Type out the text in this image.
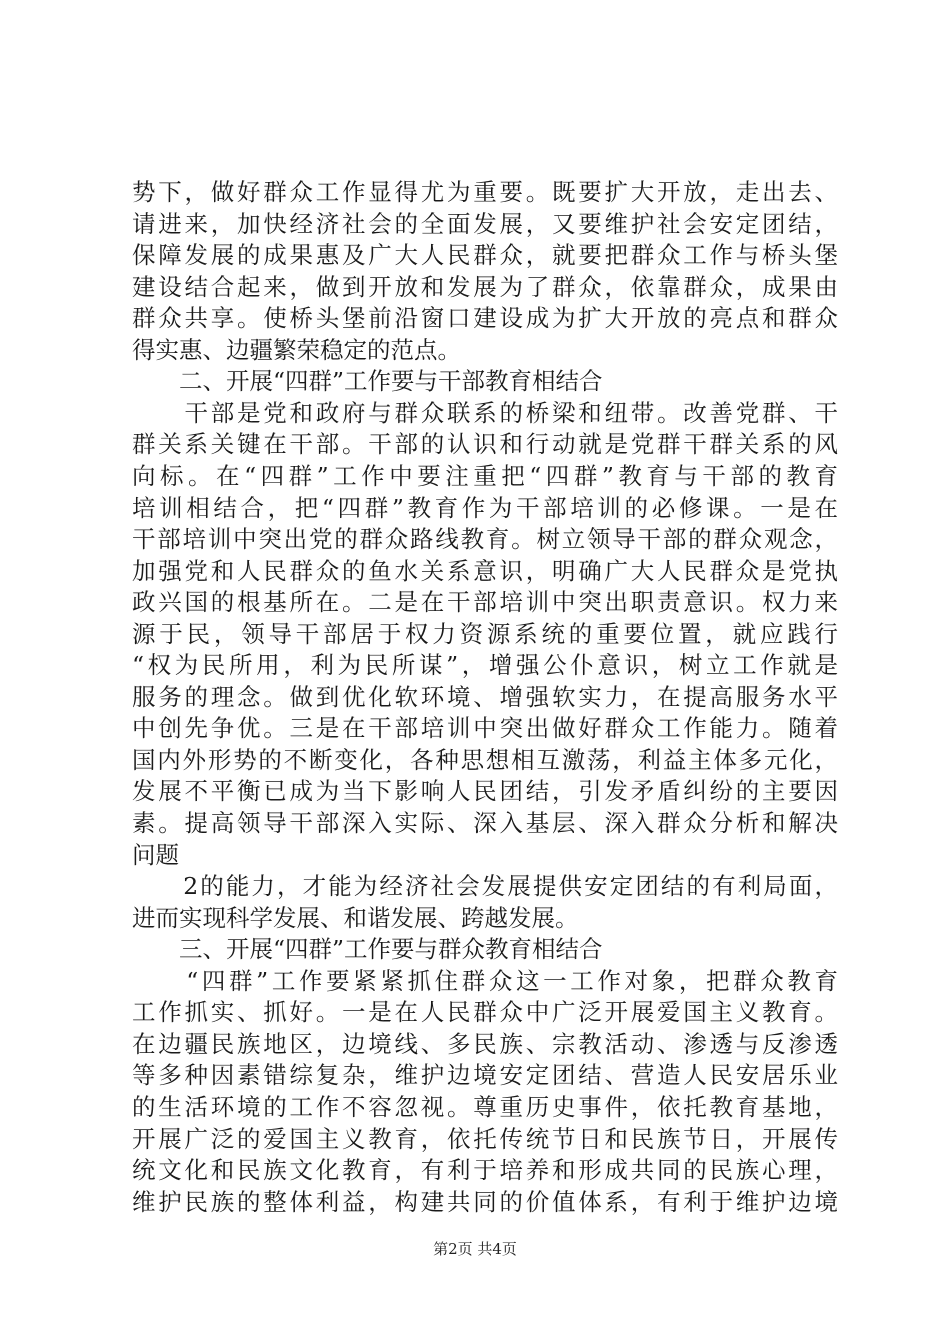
势下，做好群众工作显得尤为重要。既要扩大开放，走出去、

请进来，加快经济社会的全面发展，又要维护社会安定团结，

保障发展的成果惠及广大人民群众，就要把群众工作与桥头堡

建设结合起来，做到开放和发展为了群众，依靠群众，成果由

群众共享。使桥头堡前沿窗口建设成为扩大开放的亮点和群众

得实惠、边疆繁荣稳定的范点。

　　二、开展“四群”工作要与干部教育相结合

　　干部是党和政府与群众联系的桥梁和纽带。改善党群、干

群关系关键在干部。干部的认识和行动就是党群干群关系的风

向标。在“四群”工作中要注重把“四群”教育与干部的教育

培训相结合，把“四群”教育作为干部培训的必修课。一是在

干部培训中突出党的群众路线教育。树立领导干部的群众观念，

加强党和人民群众的鱼水关系意识，明确广大人民群众是党执

政兴国的根基所在。二是在干部培训中突出职责意识。权力来

源于民，领导干部居于权力资源系统的重要位置，就应践行

“权为民所用，利为民所谋”，增强公仆意识，树立工作就是

服务的理念。做到优化软环境、增强软实力，在提高服务水平

中创先争优。三是在干部培训中突出做好群众工作能力。随着

国内外形势的不断变化，各种思想相互激荡，利益主体多元化，

发展不平衡已成为当下影响人民团结，引发矛盾纠纷的主要因

素。提高领导干部深入实际、深入基层、深入群众分析和解决

问题

　　2的能力，才能为经济社会发展提供安定团结的有利局面，

进而实现科学发展、和谐发展、跨越发展。

　　三、开展“四群”工作要与群众教育相结合

　　“四群”工作要紧紧抓住群众这一工作对象，把群众教育

工作抓实、抓好。一是在人民群众中广泛开展爱国主义教育。

在边疆民族地区，边境线、多民族、宗教活动、渗透与反渗透

等多种因素错综复杂，维护边境安定团结、营造人民安居乐业

的生活环境的工作不容忽视。尊重历史事件，依托教育基地，

开展广泛的爱国主义教育，依托传统节日和民族节日，开展传

统文化和民族文化教育，有利于培养和形成共同的民族心理，

维护民族的整体利益，构建共同的价值体系，有利于维护边境

第2页 共4页
